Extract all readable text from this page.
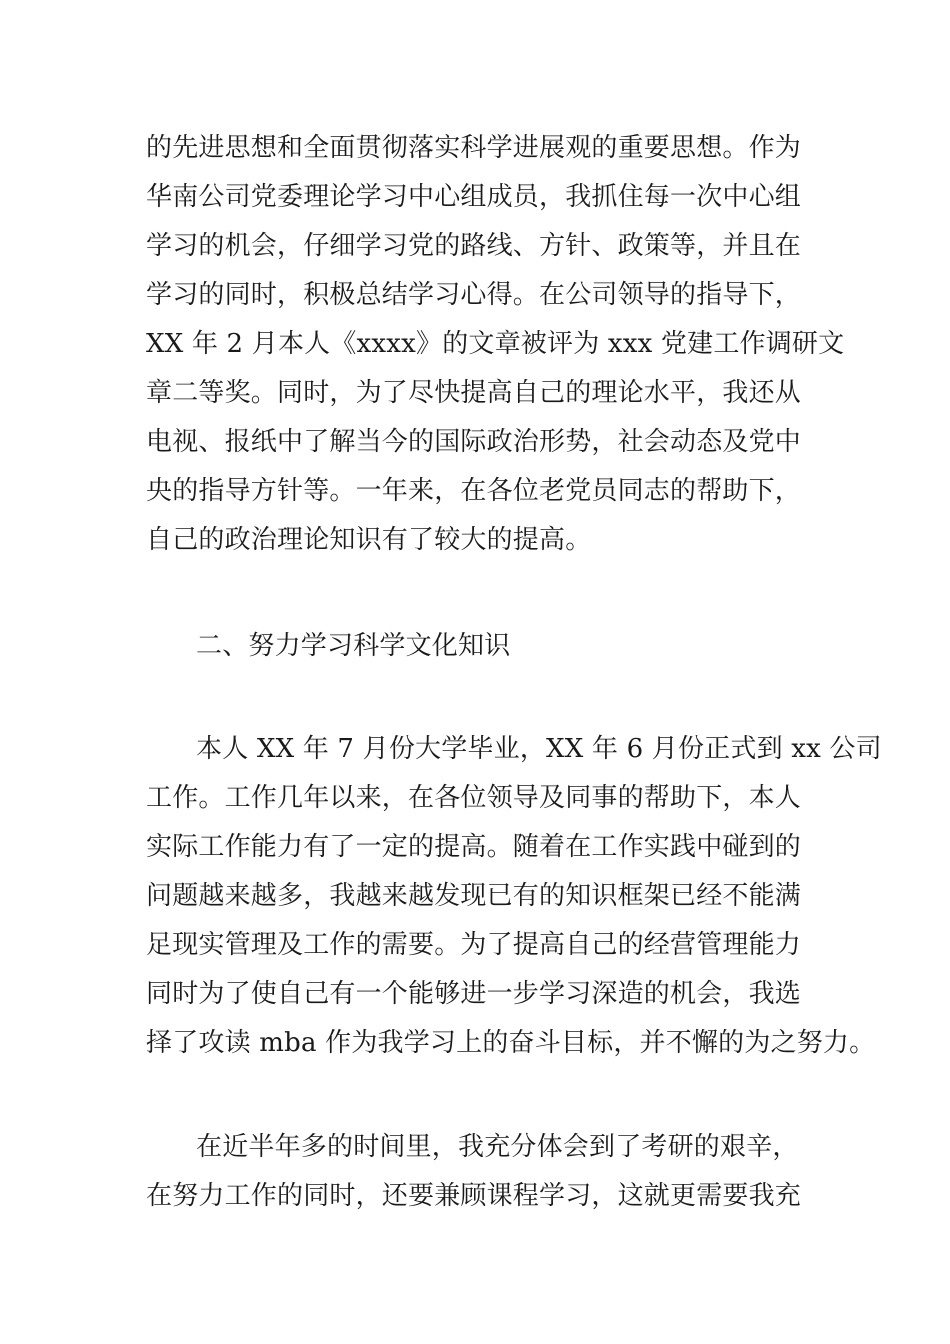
的先进思想和全面贯彻落实科学进展观的重要思想。作为
华南公司党委理论学习中心组成员，我抓住每一次中心组
学习的机会，仔细学习党的路线、方针、政策等，并且在
学习的同时，积极总结学习心得。在公司领导的指导下，
XX 年 2 月本人《xxxx》的文章被评为 xxx 党建工作调研文
章二等奖。同时，为了尽快提高自己的理论水平，我还从
电视、报纸中了解当今的国际政治形势，社会动态及党中
央的指导方针等。一年来，在各位老党员同志的帮助下，
自己的政治理论知识有了较大的提高。
二、努力学习科学文化知识
本人 XX 年 7 月份大学毕业，XX 年 6 月份正式到 xx 公司
工作。工作几年以来，在各位领导及同事的帮助下，本人
实际工作能力有了一定的提高。随着在工作实践中碰到的
问题越来越多，我越来越发现已有的知识框架已经不能满
足现实管理及工作的需要。为了提高自己的经营管理能力
同时为了使自己有一个能够进一步学习深造的机会，我选
择了攻读 mba 作为我学习上的奋斗目标，并不懈的为之努力。
在近半年多的时间里，我充分体会到了考研的艰辛，
在努力工作的同时，还要兼顾课程学习，这就更需要我充
